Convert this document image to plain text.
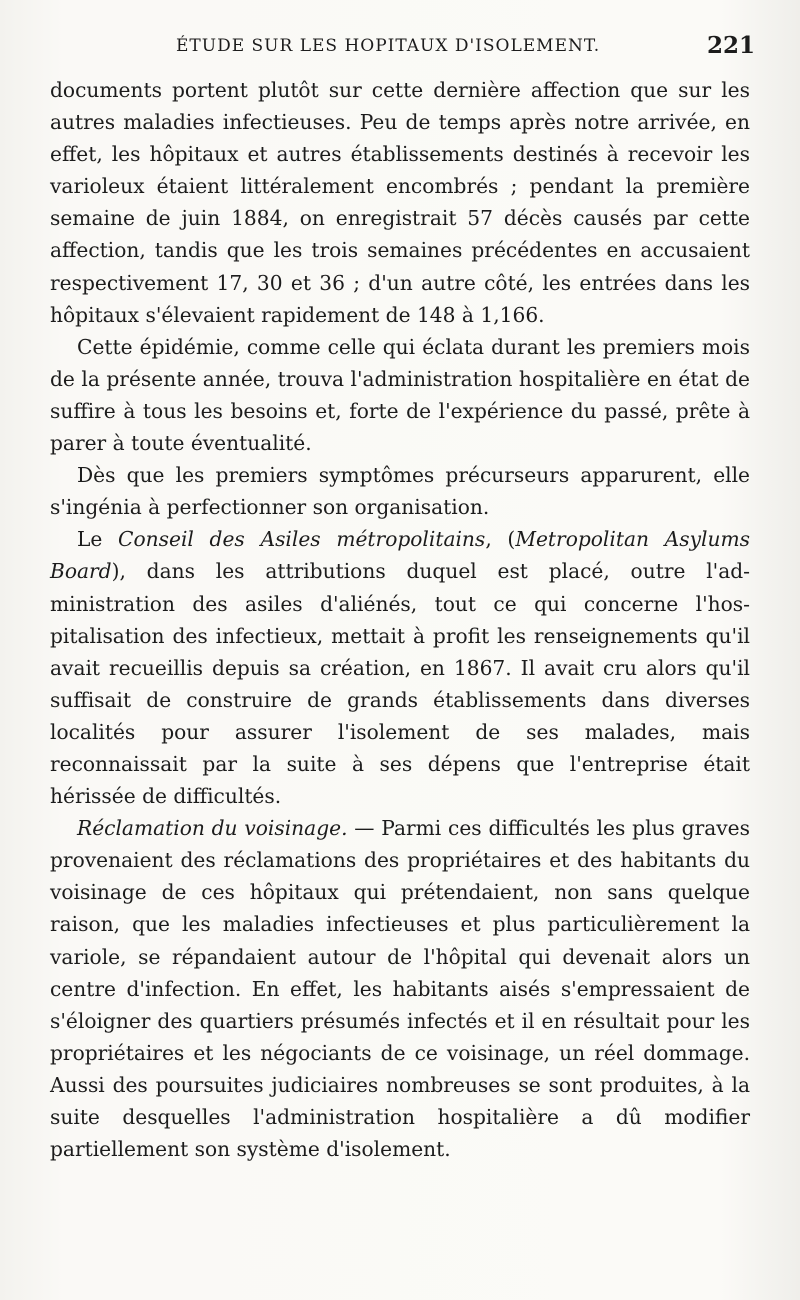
ÉTUDE SUR LES HOPITAUX D'ISOLEMENT.	221

documents portent plutôt sur cette dernière affection que sur les autres maladies infectieuses. Peu de temps après notre arrivée, en effet, les hôpitaux et autres établissements destinés à recevoir les varioleux étaient littéralement encombrés ; pendant la première semaine de juin 1884, on enregistrait 57 décès causés par cette affection, tandis que les trois semaines précédentes en accusaient respectivement 17, 30 et 36 ; d'un autre côté, les entrées dans les hôpitaux s'élevaient rapidement de 148 à 1,166.

Cette épidémie, comme celle qui éclata durant les premiers mois de la présente année, trouva l'administration hospitalière en état de suffire à tous les besoins et, forte de l'expérience du passé, prête à parer à toute éventualité.

Dès que les premiers symptômes précurseurs apparurent, elle s'ingénia à perfectionner son organisation.

Le Conseil des Asiles métropolitains, (Metropolitan Asylums Board), dans les attributions duquel est placé, outre l'administration des asiles d'aliénés, tout ce qui concerne l'hospitalisation des infectieux, mettait à profit les renseignements qu'il avait recueillis depuis sa création, en 1867. Il avait cru alors qu'il suffisait de construire de grands établissements dans diverses localités pour assurer l'isolement de ses malades, mais reconnaissait par la suite à ses dépens que l'entreprise était hérissée de difficultés.

Réclamation du voisinage. — Parmi ces difficultés les plus graves provenaient des réclamations des propriétaires et des habitants du voisinage de ces hôpitaux qui prétendaient, non sans quelque raison, que les maladies infectieuses et plus particulièrement la variole, se répandaient autour de l'hôpital qui devenait alors un centre d'infection. En effet, les habitants aisés s'empressaient de s'éloigner des quartiers présumés infectés et il en résultait pour les propriétaires et les négociants de ce voisinage, un réel dommage. Aussi des poursuites judiciaires nombreuses se sont produites, à la suite desquelles l'administration hospitalière a dû modifier partiellement son système d'isolement.
